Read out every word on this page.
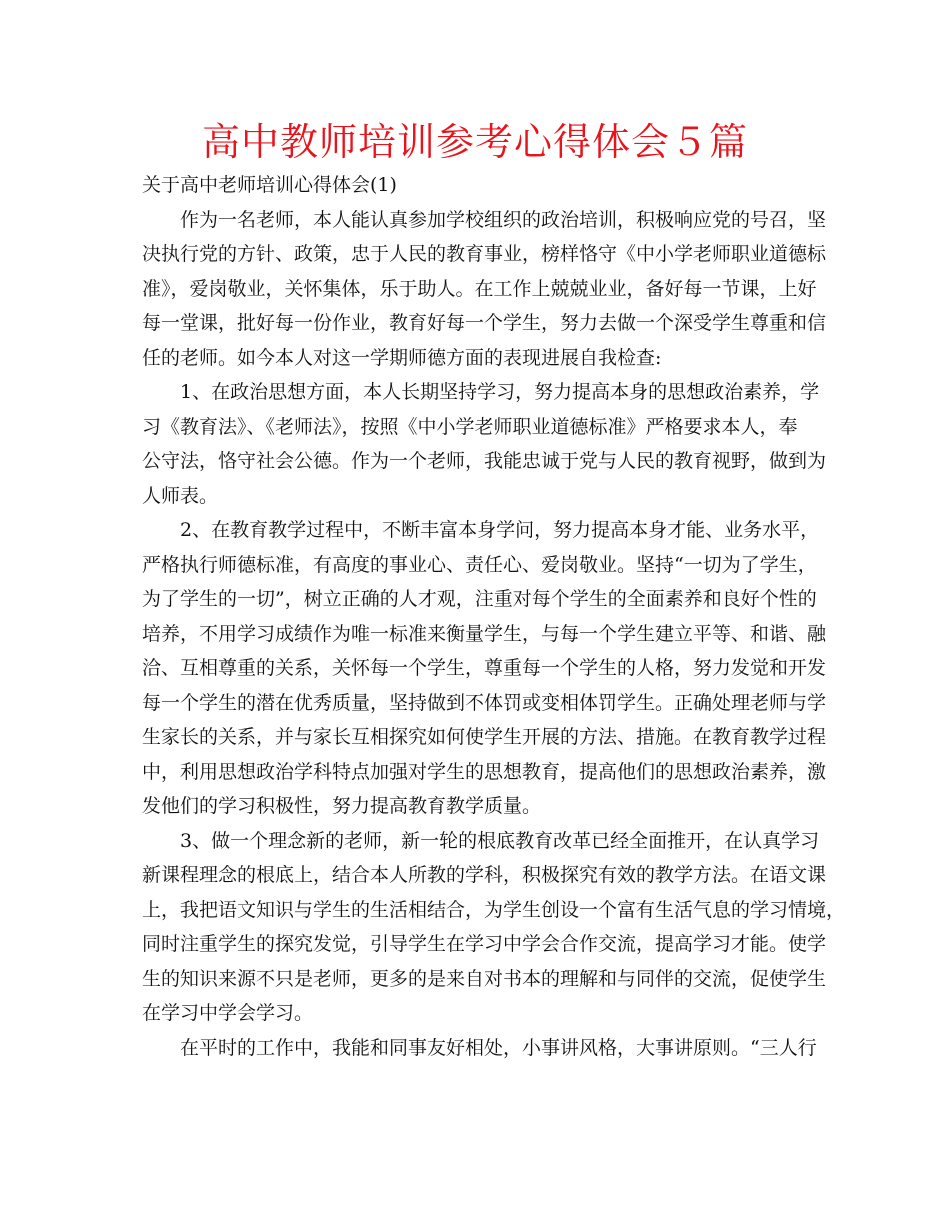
高中教师培训参考心得体会５篇
关于高中老师培训心得体会(1)
作为一名老师，本人能认真参加学校组织的政治培训，积极响应党的号召，坚
决执行党的方针、政策，忠于人民的教育事业，榜样恪守《中小学老师职业道德标
准》，爱岗敬业，关怀集体，乐于助人。在工作上兢兢业业，备好每一节课，上好
每一堂课，批好每一份作业，教育好每一个学生，努力去做一个深受学生尊重和信
任的老师。如今本人对这一学期师德方面的表现进展自我检查:
1、在政治思想方面，本人长期坚持学习，努力提高本身的思想政治素养，学
习《教育法》、《老师法》，按照《中小学老师职业道德标准》严格要求本人，奉
公守法，恪守社会公德。作为一个老师，我能忠诚于党与人民的教育视野，做到为
人师表。
2、在教育教学过程中，不断丰富本身学问，努力提高本身才能、业务水平，
严格执行师德标准，有高度的事业心、责任心、爱岗敬业。坚持“一切为了学生，
为了学生的一切”，树立正确的人才观，注重对每个学生的全面素养和良好个性的
培养，不用学习成绩作为唯一标准来衡量学生，与每一个学生建立平等、和谐、融
洽、互相尊重的关系，关怀每一个学生，尊重每一个学生的人格，努力发觉和开发
每一个学生的潜在优秀质量，坚持做到不体罚或变相体罚学生。正确处理老师与学
生家长的关系，并与家长互相探究如何使学生开展的方法、措施。在教育教学过程
中，利用思想政治学科特点加强对学生的思想教育，提高他们的思想政治素养，激
发他们的学习积极性，努力提高教育教学质量。
3、做一个理念新的老师，新一轮的根底教育改革已经全面推开，在认真学习
新课程理念的根底上，结合本人所教的学科，积极探究有效的教学方法。在语文课
上，我把语文知识与学生的生活相结合，为学生创设一个富有生活气息的学习情境，
同时注重学生的探究发觉，引导学生在学习中学会合作交流，提高学习才能。使学
生的知识来源不只是老师，更多的是来自对书本的理解和与同伴的交流，促使学生
在学习中学会学习。
在平时的工作中，我能和同事友好相处，小事讲风格，大事讲原则。“三人行
